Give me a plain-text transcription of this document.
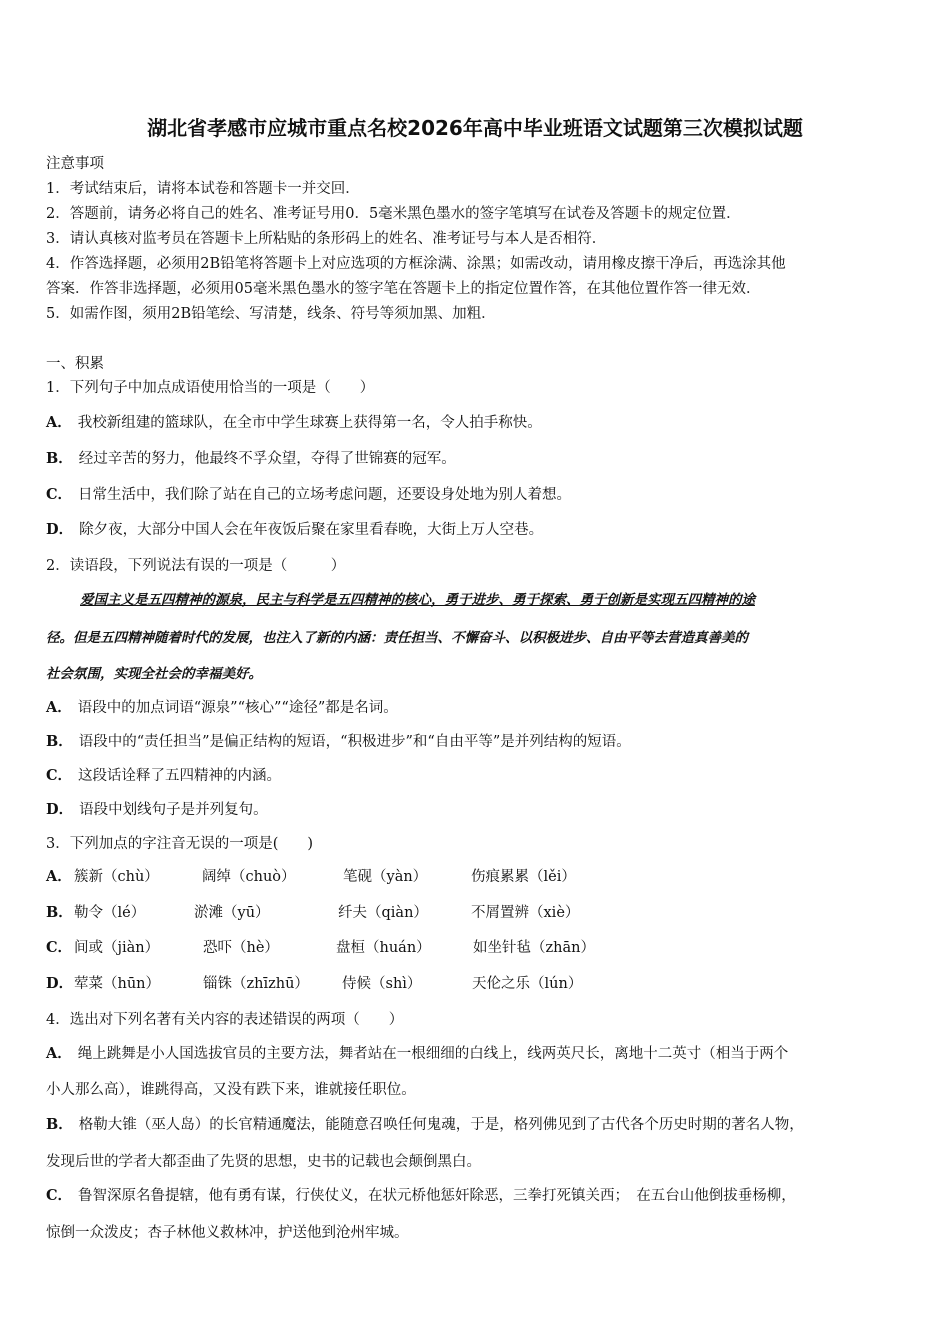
湖北省孝感市应城市重点名校2026年高中毕业班语文试题第三次模拟试题
注意事项
1．考试结束后，请将本试卷和答题卡一并交回．
2．答题前，请务必将自己的姓名、准考证号用0．5毫米黑色墨水的签字笔填写在试卷及答题卡的规定位置．
3．请认真核对监考员在答题卡上所粘贴的条形码上的姓名、准考证号与本人是否相符．
4．作答选择题，必须用2B铅笔将答题卡上对应选项的方框涂满、涂黑；如需改动，请用橡皮擦干净后，再选涂其他
答案．作答非选择题，必须用05毫米黑色墨水的签字笔在答题卡上的指定位置作答，在其他位置作答一律无效．
5．如需作图，须用2B铅笔绘、写清楚，线条、符号等须加黑、加粗．
一、积累
1．下列句子中加点成语使用恰当的一项是（　　）
A． 我校新组建的篮球队，在全市中学生球赛上获得第一名，令人拍手称快。
B． 经过辛苦的努力，他最终不孚众望，夺得了世锦赛的冠军。
C． 日常生活中，我们除了站在自己的立场考虑问题，还要设身处地为别人着想。
D． 除夕夜，大部分中国人会在年夜饭后聚在家里看春晚，大街上万人空巷。
2．读语段，下列说法有误的一项是（　　　）
爱国主义是五四精神的源泉，民主与科学是五四精神的核心，勇于进步、勇于探索、勇于创新是实现五四精神的途
径。但是五四精神随着时代的发展，也注入了新的内涵：责任担当、不懈奋斗、以积极进步、自由平等去营造真善美的
社会氛围，实现全社会的幸福美好。
A． 语段中的加点词语“源泉”“核心”“途径”都是名词。
B． 语段中的“责任担当”是偏正结构的短语，“积极进步”和“自由平等”是并列结构的短语。
C． 这段话诠释了五四精神的内涵。
D． 语段中划线句子是并列复句。
3．下列加点的字注音无误的一项是(　　)
A． 簇新（chù）	阔绰（chuò）	笔砚（yàn）	伤痕累累（lěi）
B． 勒令（lé）	淤滩（yū）	纤夫（qiàn）	不屑置辨（xiè）
C． 间或（jiàn）	恐吓（hè）	盘桓（huán）	如坐针毡（zhān）
D． 荤菜（hūn）	锱铢（zhīzhū） 侍候（shì）	天伦之乐（lún）
4．选出对下列名著有关内容的表述错误的两项（　　）
A． 绳上跳舞是小人国选拔官员的主要方法，舞者站在一根细细的白线上，线两英尺长，离地十二英寸（相当于两个
小人那么高），谁跳得高，又没有跌下来，谁就接任职位。
B． 格勒大锥（巫人岛）的长官精通魔法，能随意召唤任何鬼魂，于是，格列佛见到了古代各个历史时期的著名人物，
发现后世的学者大都歪曲了先贤的思想，史书的记载也会颠倒黑白。
C． 鲁智深原名鲁提辖，他有勇有谋，行侠仗义，在状元桥他惩奸除恶，三拳打死镇关西；　在五台山他倒拔垂杨柳，
惊倒一众泼皮；杏子林他义救林冲，护送他到沧州牢城。
